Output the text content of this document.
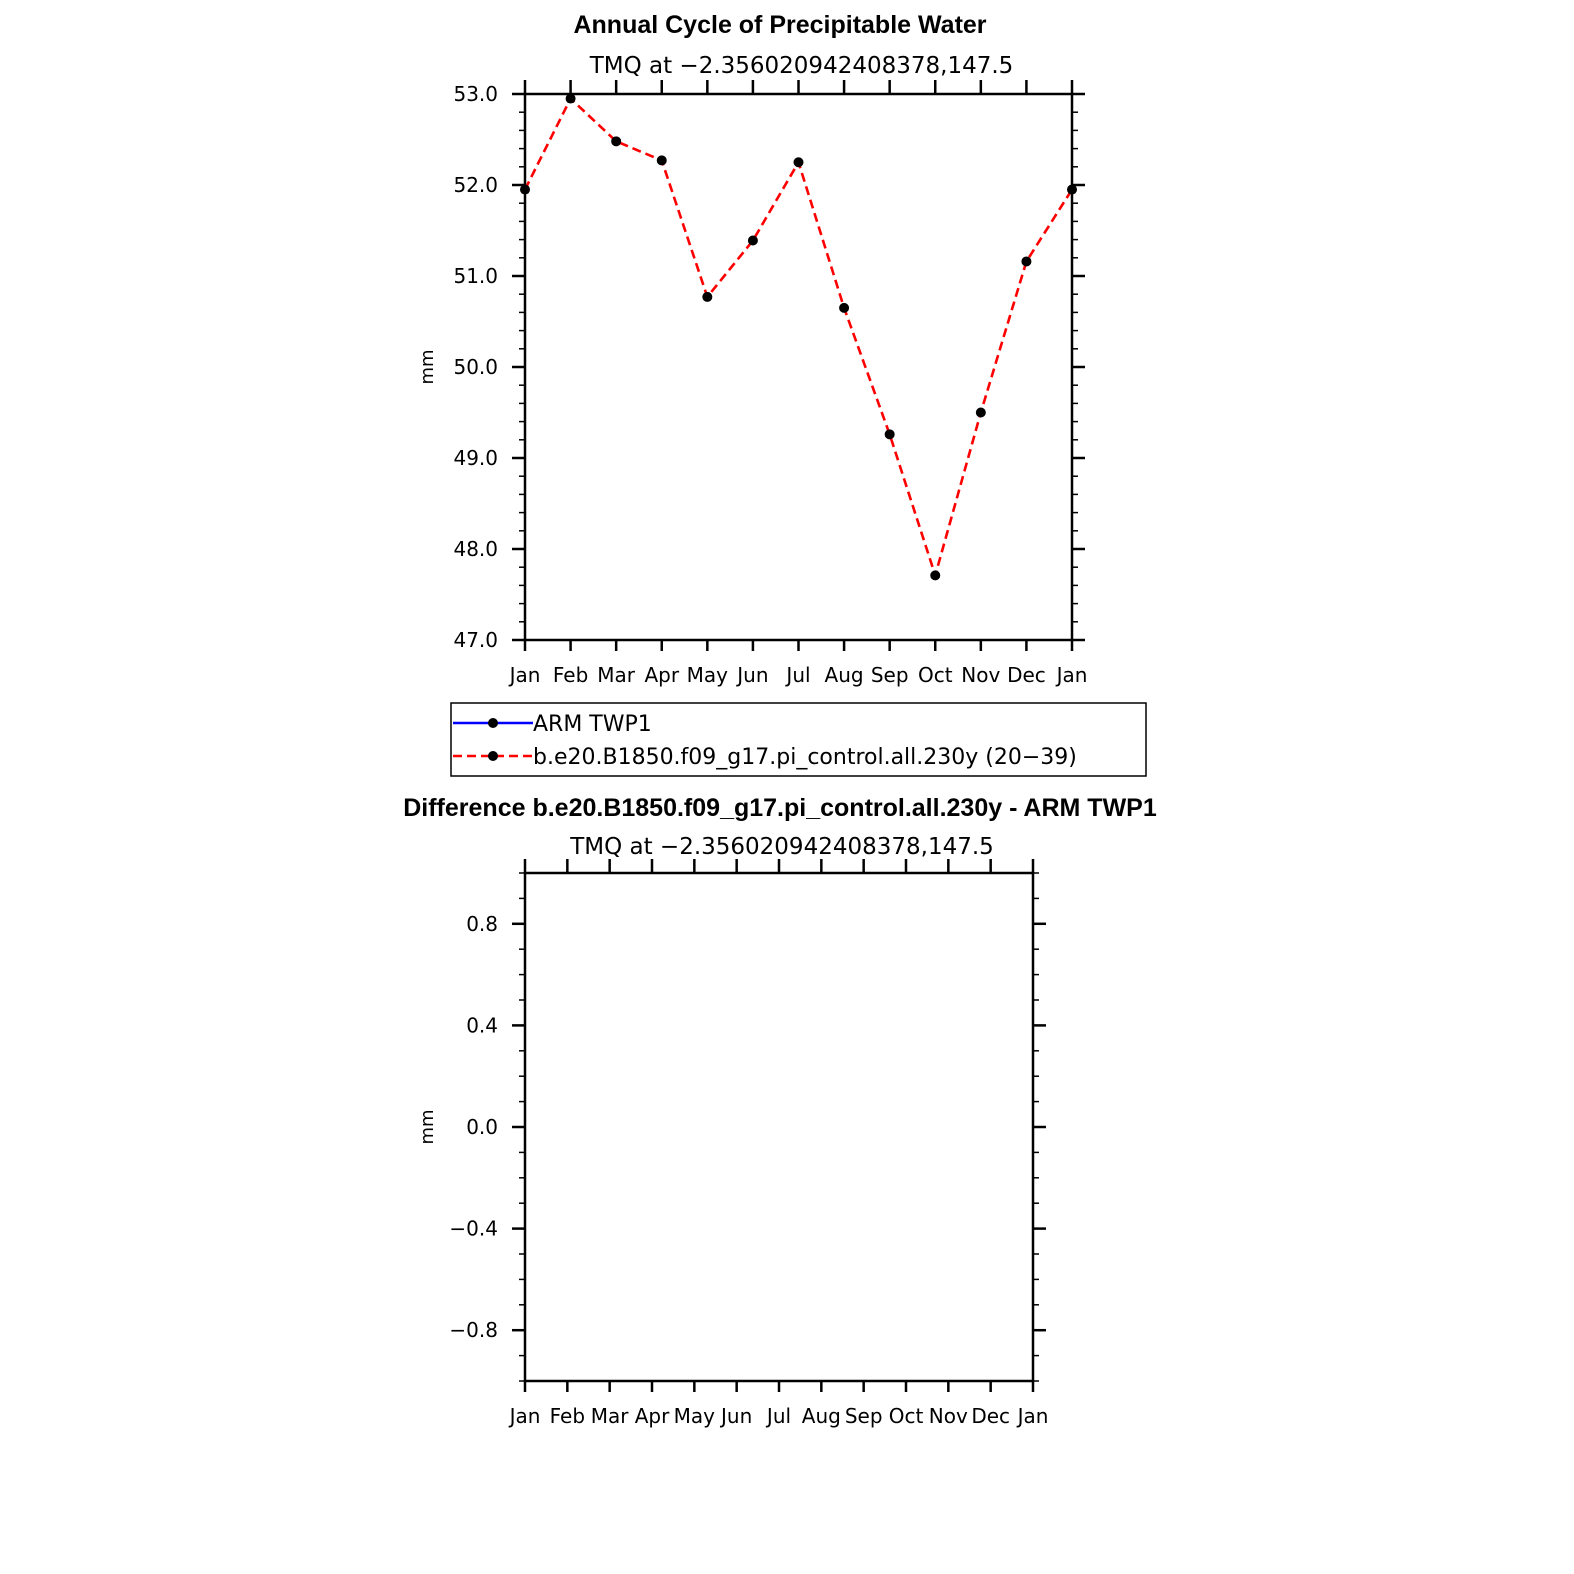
Annual Cycle of Precipitable Water
TMQ at −2.356020942408378,147.5
Jan Feb Mar Apr May Jun Jul Aug Sep Oct Nov Dec Jan
47.0
48.0
49.0
50.0
51.0
52.0
53.0
mm
ARM TWP1
b.e20.B1850.f09_g17.pi_control.all.230y (20−39)
Difference b.e20.B1850.f09_g17.pi_control.all.230y - ARM TWP1
TMQ at −2.356020942408378,147.5
Jan Feb Mar Apr May Jun Jul Aug Sep Oct Nov Dec Jan
−0.8
−0.4
0.0
0.4
0.8
mm
